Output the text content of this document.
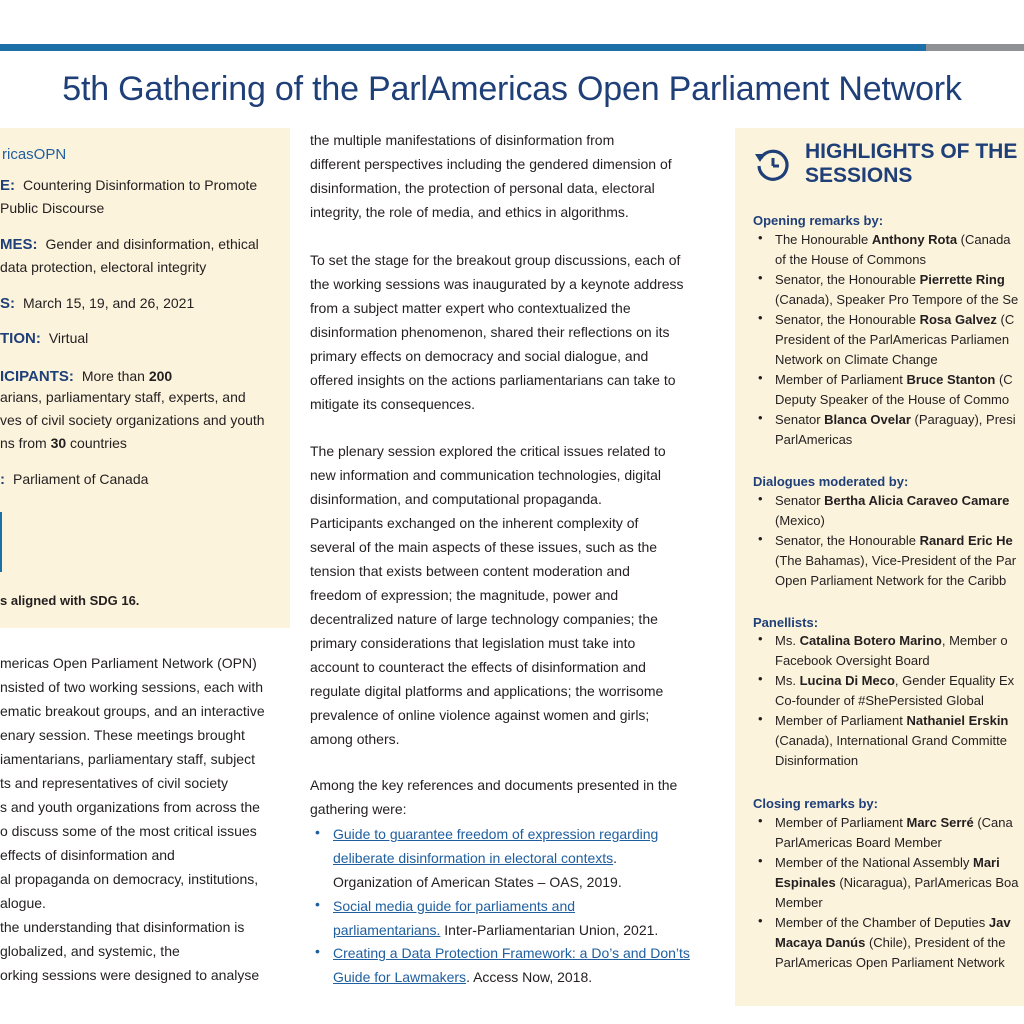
5th Gathering of the ParlAmericas Open Parliament Network
ricasOPN
E: Countering Disinformation to Promote
Public Discourse
MES: Gender and disinformation, ethical
data protection, electoral integrity
S: March 15, 19, and 26, 2021
TION: Virtual
ICIPANTS: More than 200
arians, parliamentary staff, experts, and
ves of civil society organizations and youth
ns from 30 countries
: Parliament of Canada
s aligned with SDG 16.
mericas Open Parliament Network (OPN)
nsisted of two working sessions, each with
ematic breakout groups, and an interactive
enary session. These meetings brought
iamentarians, parliamentary staff, subject
ts and representatives of civil society
s and youth organizations from across the
o discuss some of the most critical issues
effects of disinformation and
al propaganda on democracy, institutions,
alogue.
the understanding that disinformation is
globalized, and systemic, the
orking sessions were designed to analyse
the multiple manifestations of disinformation from
different perspectives including the gendered dimension of
disinformation, the protection of personal data, electoral
integrity, the role of media, and ethics in algorithms.
To set the stage for the breakout group discussions, each of
the working sessions was inaugurated by a keynote address
from a subject matter expert who contextualized the
disinformation phenomenon, shared their reflections on its
primary effects on democracy and social dialogue, and
offered insights on the actions parliamentarians can take to
mitigate its consequences.
The plenary session explored the critical issues related to
new information and communication technologies, digital
disinformation, and computational propaganda.
Participants exchanged on the inherent complexity of
several of the main aspects of these issues, such as the
tension that exists between content moderation and
freedom of expression; the magnitude, power and
decentralized nature of large technology companies; the
primary considerations that legislation must take into
account to counteract the effects of disinformation and
regulate digital platforms and applications; the worrisome
prevalence of online violence against women and girls;
among others.
Among the key references and documents presented in the
gathering were:
• Guide to guarantee freedom of expression regarding
deliberate disinformation in electoral contexts.
Organization of American States – OAS, 2019.
• Social media guide for parliaments and
parliamentarians. Inter-Parliamentarian Union, 2021.
• Creating a Data Protection Framework: a Do’s and Don’ts
Guide for Lawmakers. Access Now, 2018.
HIGHLIGHTS OF THE
SESSIONS
Opening remarks by:
Dialogues moderated by:
Panellists:
Closing remarks by:
The Honourable Anthony Rota (Canada
•
of the House of Commons
Senator, the Honourable Pierrette Ring
•
(Canada), Speaker Pro Tempore of the Se
Senator, the Honourable Rosa Galvez (C
•
President of the ParlAmericas Parliamen
Network on Climate Change
Member of Parliament Bruce Stanton (C
•
Deputy Speaker of the House of Commo
Senator Blanca Ovelar (Paraguay), Presi
•
ParlAmericas
Senator Bertha Alicia Caraveo Camare
•
(Mexico)
Senator, the Honourable Ranard Eric He
•
(The Bahamas), Vice-President of the Par
Open Parliament Network for the Caribb
Ms. Catalina Botero Marino, Member o
•
Facebook Oversight Board
Ms. Lucina Di Meco, Gender Equality Ex
•
Co-founder of #ShePersisted Global
Member of Parliament Nathaniel Erskin
•
(Canada), International Grand Committe
Disinformation
Member of Parliament Marc Serré (Cana
•
ParlAmericas Board Member
Member of the National Assembly Mari
•
Espinales (Nicaragua), ParlAmericas Boa
Member
Member of the Chamber of Deputies Jav
•
Macaya Danús (Chile), President of the
ParlAmericas Open Parliament Network
